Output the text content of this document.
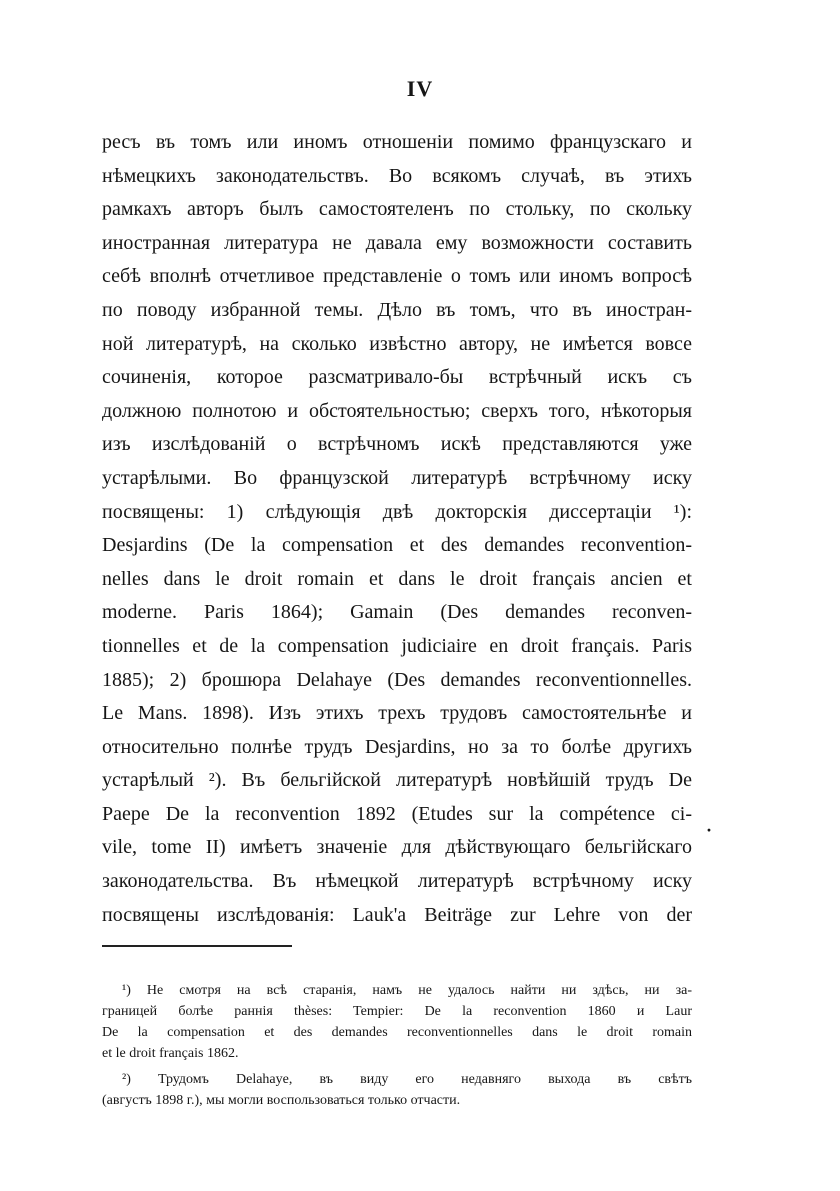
IV
ресъ въ томъ или иномъ отношеніи помимо французскаго и
нѣмецкихъ законодательствъ. Во всякомъ случаѣ, въ этихъ
рамкахъ авторъ былъ самостоятеленъ по стольку, по скольку
иностранная литература не давала ему возможности составить
себѣ вполнѣ отчетливое представленіе о томъ или иномъ вопросѣ
по поводу избранной темы. Дѣло въ томъ, что въ иностран-
ной литературѣ, на сколько извѣстно автору, не имѣется вовсе
сочиненія, которое разсматривало-бы встрѣчный искъ съ
должною полнотою и обстоятельностью; сверхъ того, нѣкоторыя
изъ изслѣдованій о встрѣчномъ искѣ представляются уже
устарѣлыми. Во французской литературѣ встрѣчному иску
посвящены: 1) слѣдующія двѣ докторскія диссертаціи ¹):
Desjardins (De la compensation et des demandes reconvention-
nelles dans le droit romain et dans le droit français ancien et
moderne. Paris 1864); Gamain (Des demandes reconven-
tionnelles et de la compensation judiciaire en droit français. Paris
1885); 2) брошюра Delahaye (Des demandes reconventionnelles.
Le Mans. 1898). Изъ этихъ трехъ трудовъ самостоятельнѣе и
относительно полнѣе трудъ Desjardins, но за то болѣе другихъ
устарѣлый ²). Въ бельгійской литературѣ новѣйшій трудъ De
Paepe De la reconvention 1892 (Etudes sur la compétence ci-
vile, tome II) имѣетъ значеніе для дѣйствующаго бельгійскаго
законодательства. Въ нѣмецкой литературѣ встрѣчному иску
посвящены изслѣдованія: Lauk'a Beiträge zur Lehre von der
·
¹) Не смотря на всѣ старанія, намъ не удалось найти ни здѣсь, ни за-
границей болѣе раннія thèses: Tempier: De la reconvention 1860 и Laur
De la compensation et des demandes reconventionnelles dans le droit romain
et le droit français 1862.
²) Трудомъ Delahaye, въ виду его недавняго выхода въ свѣтъ
(августъ 1898 г.), мы могли воспользоваться только отчасти.
